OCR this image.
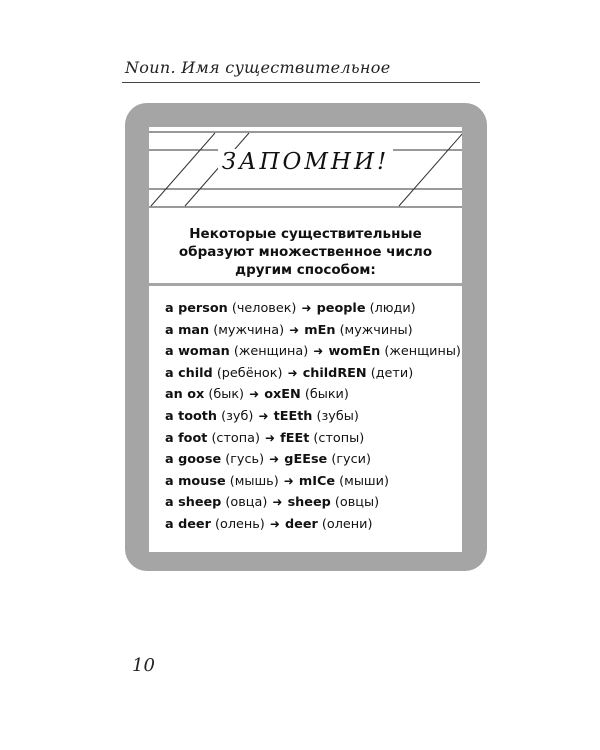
Noun. Имя существительное
ЗАПОМНИ!
Некоторые существительные
образуют множественное число
другим способом:
a person (человек) ➜ people (люди)
a man (мужчина) ➜ mEn (мужчины)
a woman (женщина) ➜ womEn (женщины)
a child (ребёнок) ➜ childREN (дети)
an ox (бык) ➜ oxEN (быки)
a tooth (зуб) ➜ tEEth (зубы)
a foot (стопа) ➜ fEEt (стопы)
a goose (гусь) ➜ gEEse (гуси)
a mouse (мышь) ➜ mICe (мыши)
a sheep (овца) ➜ sheep (овцы)
a deer (олень) ➜ deer (олени)
10
